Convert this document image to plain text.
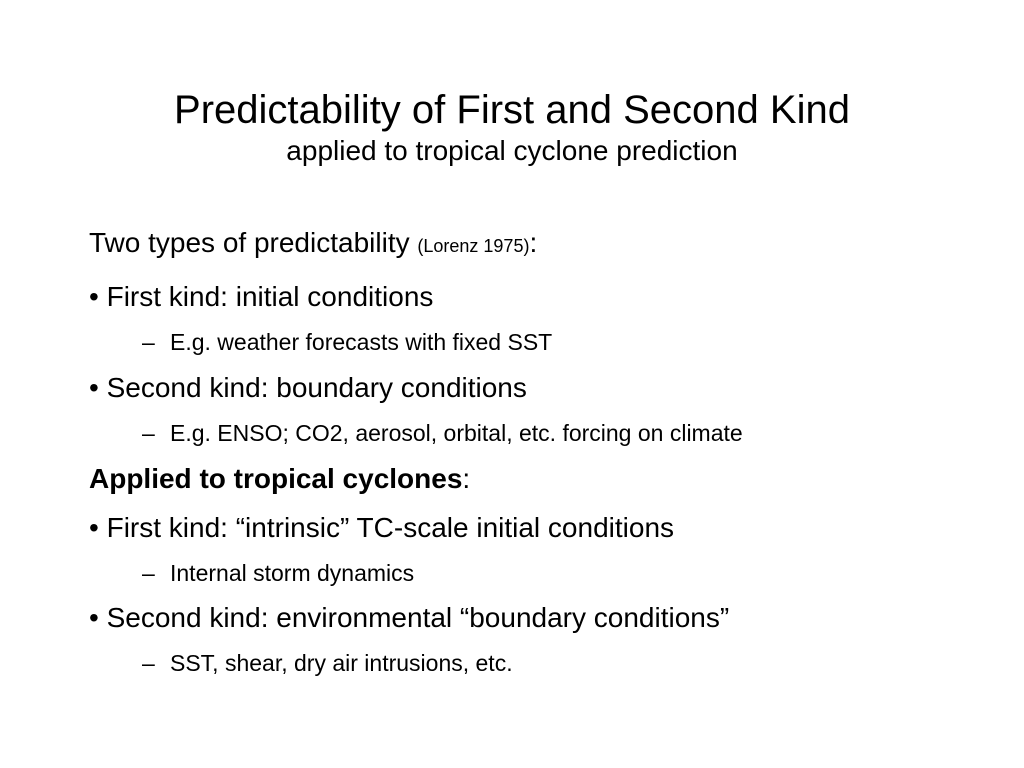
Predictability of First and Second Kind
applied to tropical cyclone prediction
Two types of predictability (Lorenz 1975):
• First kind: initial conditions
– E.g. weather forecasts with fixed SST
• Second kind: boundary conditions
– E.g. ENSO; CO2, aerosol, orbital, etc. forcing on climate
Applied to tropical cyclones:
• First kind: “intrinsic” TC-scale initial conditions
– Internal storm dynamics
• Second kind: environmental “boundary conditions”
– SST, shear, dry air intrusions, etc.
